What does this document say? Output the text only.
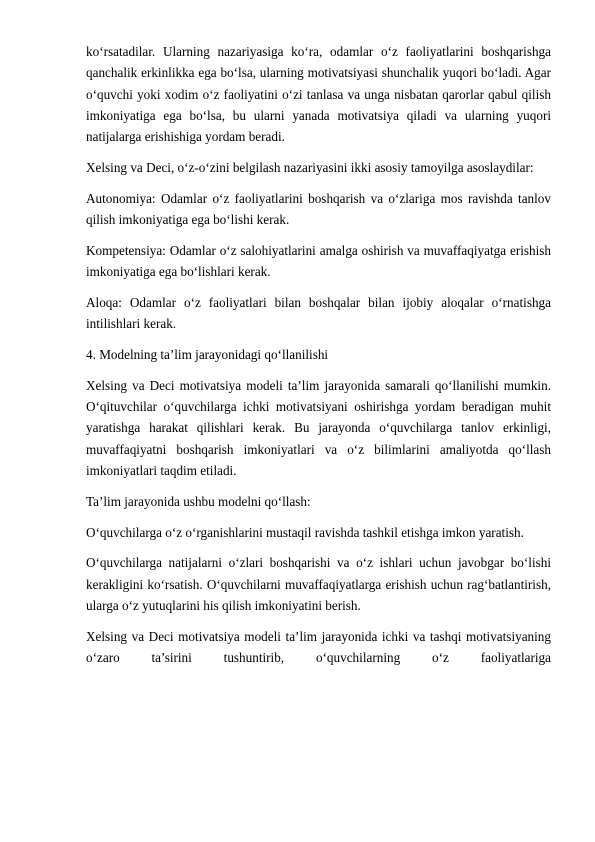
ko‘rsatadilar. Ularning nazariyasiga ko‘ra, odamlar o‘z faoliyatlarini boshqarishga qanchalik erkinlikka ega bo‘lsa, ularning motivatsiyasi shunchalik yuqori bo‘ladi. Agar o‘quvchi yoki xodim o‘z faoliyatini o‘zi tanlasa va unga nisbatan qarorlar qabul qilish imkoniyatiga ega bo‘lsa, bu ularni yanada motivatsiya qiladi va ularning yuqori natijalarga erishishiga yordam beradi.

Xelsing va Deci, o‘z-o‘zini belgilash nazariyasini ikki asosiy tamoyilga asoslaydilar:

Autonomiya: Odamlar o‘z faoliyatlarini boshqarish va o‘zlariga mos ravishda tanlov qilish imkoniyatiga ega bo‘lishi kerak.

Kompetensiya: Odamlar o‘z salohiyatlarini amalga oshirish va muvaffaqiyatga erishish imkoniyatiga ega bo‘lishlari kerak.

Aloqa: Odamlar o‘z faoliyatlari bilan boshqalar bilan ijobiy aloqalar o‘rnatishga intilishlari kerak.

4. Modelning ta’lim jarayonidagi qo‘llanilishi

Xelsing va Deci motivatsiya modeli ta’lim jarayonida samarali qo‘llanilishi mumkin. O‘qituvchilar o‘quvchilarga ichki motivatsiyani oshirishga yordam beradigan muhit yaratishga harakat qilishlari kerak. Bu jarayonda o‘quvchilarga tanlov erkinligi, muvaffaqiyatni boshqarish imkoniyatlari va o‘z bilimlarini amaliyotda qo‘llash imkoniyatlari taqdim etiladi.

Ta’lim jarayonida ushbu modelni qo‘llash:

O‘quvchilarga o‘z o‘rganishlarini mustaqil ravishda tashkil etishga imkon yaratish.

O‘quvchilarga natijalarni o‘zlari boshqarishi va o‘z ishlari uchun javobgar bo‘lishi kerakligini ko‘rsatish. O‘quvchilarni muvaffaqiyatlarga erishish uchun rag‘batlantirish, ularga o‘z yutuqlarini his qilish imkoniyatini berish.

Xelsing va Deci motivatsiya modeli ta’lim jarayonida ichki va tashqi motivatsiyaning o‘zaro ta’sirini tushuntirib, o‘quvchilarning o‘z faoliyatlariga
